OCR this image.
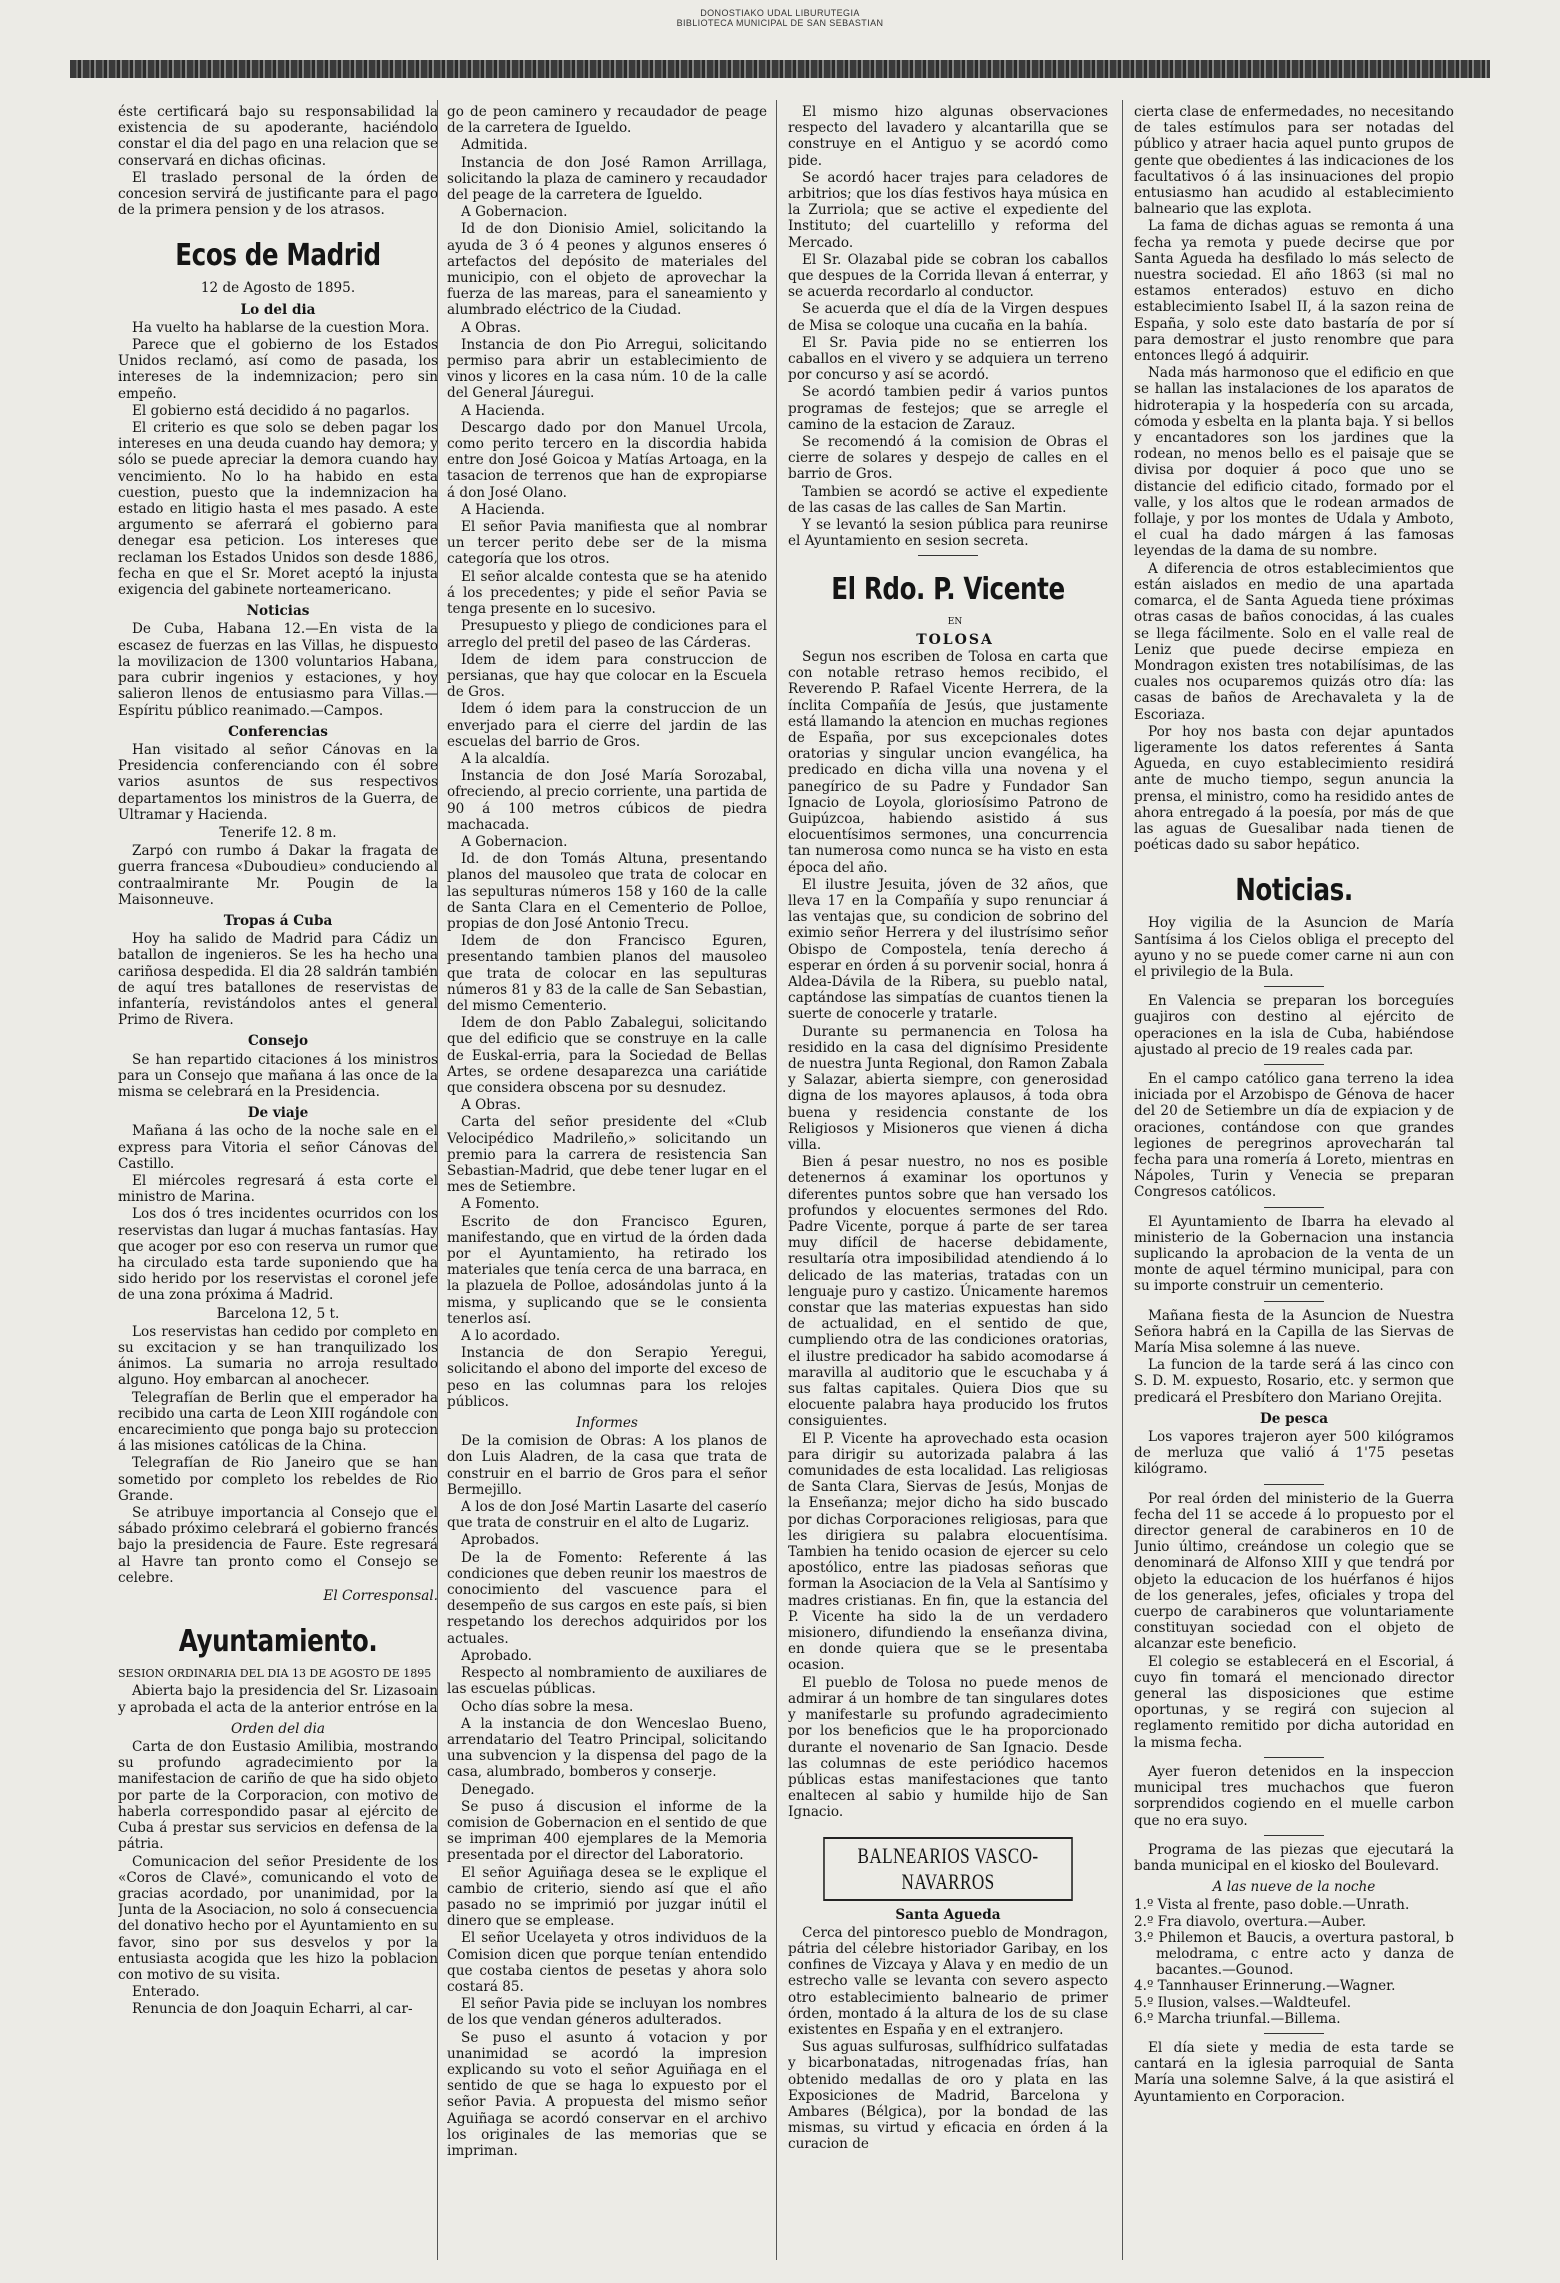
DONOSTIAKO UDAL LIBURUTEGIA
BIBLIOTECA MUNICIPAL DE SAN SEBASTIAN

éste certificará bajo su responsabilidad la existencia de su apoderante, haciéndolo constar el dia del pago en una relacion que se conservará en dichas oficinas.

El traslado personal de la órden de concesion servirá de justificante para el pago de la primera pension y de los atrasos.

Ecos de Madrid
12 de Agosto de 1895.
Lo del dia

Ha vuelto ha hablarse de la cuestion Mora.

Parece que el gobierno de los Estados Unidos reclamó, así como de pasada, los intereses de la indemnizacion; pero sin empeño.

El gobierno está decidido á no pagarlos.

El criterio es que solo se deben pagar los intereses en una deuda cuando hay demora; y sólo se puede apreciar la demora cuando hay vencimiento. No lo ha habido en esta cuestion, puesto que la indemnizacion ha estado en litigio hasta el mes pasado. A este argumento se aferrará el gobierno para denegar esa peticion. Los intereses que reclaman los Estados Unidos son desde 1886, fecha en que el Sr. Moret aceptó la injusta exigencia del gabinete norteamericano.

Noticias

De Cuba, Habana 12.—En vista de la escasez de fuerzas en las Villas, he dispuesto la movilizacion de 1300 voluntarios Habana, para cubrir ingenios y estaciones, y hoy salieron llenos de entusiasmo para Villas.—Espíritu público reanimado.—Campos.

Conferencias

Han visitado al señor Cánovas en la Presidencia conferenciando con él sobre varios asuntos de sus respectivos departamentos los ministros de la Guerra, de Ultramar y Hacienda.

Tenerife 12. 8 m.

Zarpó con rumbo á Dakar la fragata de guerra francesa «Duboudieu» conduciendo al contraalmirante Mr. Pougin de la Maisonneuve.

Tropas á Cuba

Hoy ha salido de Madrid para Cádiz un batallon de ingenieros. Se les ha hecho una cariñosa despedida. El dia 28 saldrán también de aquí tres batallones de reservistas de infantería, revistándolos antes el general Primo de Rivera.

Consejo

Se han repartido citaciones á los ministros para un Consejo que mañana á las once de la misma se celebrará en la Presidencia.

De viaje

Mañana á las ocho de la noche sale en el express para Vitoria el señor Cánovas del Castillo.

El miércoles regresará á esta corte el ministro de Marina.

Los dos ó tres incidentes ocurridos con los reservistas dan lugar á muchas fantasías. Hay que acoger por eso con reserva un rumor que ha circulado esta tarde suponiendo que ha sido herido por los reservistas el coronel jefe de una zona próxima á Madrid.

Barcelona 12, 5 t.

Los reservistas han cedido por completo en su excitacion y se han tranquilizado los ánimos. La sumaria no arroja resultado alguno. Hoy embarcan al anochecer.

Telegrafían de Berlin que el emperador ha recibido una carta de Leon XIII rogándole con encarecimiento que ponga bajo su proteccion á las misiones católicas de la China.

Telegrafían de Rio Janeiro que se han sometido por completo los rebeldes de Rio Grande.

Se atribuye importancia al Consejo que el sábado próximo celebrará el gobierno francés bajo la presidencia de Faure. Este regresará al Havre tan pronto como el Consejo se celebre.

El Corresponsal.
Ayuntamiento.

SESION ORDINARIA DEL DIA 13 DE AGOSTO DE 1895

Abierta bajo la presidencia del Sr. Lizasoain y aprobada el acta de la anterior entróse en la

Orden del dia

Carta de don Eustasio Amilibia, mostrando su profundo agradecimiento por la manifestacion de cariño de que ha sido objeto por parte de la Corporacion, con motivo de haberla correspondido pasar al ejército de Cuba á prestar sus servicios en defensa de la pátria.

Comunicacion del señor Presidente de los «Coros de Clavé», comunicando el voto de gracias acordado, por unanimidad, por la Junta de la Asociacion, no solo á consecuencia del donativo hecho por el Ayuntamiento en su favor, sino por sus desvelos y por la entusiasta acogida que les hizo la poblacion con motivo de su visita.

Enterado.

Renuncia de don Joaquin Echarri, al car-

go de peon caminero y recaudador de peage de la carretera de Igueldo.

Admitida.

Instancia de don José Ramon Arrillaga, solicitando la plaza de caminero y recaudador del peage de la carretera de Igueldo.

A Gobernacion.

Id de don Dionisio Amiel, solicitando la ayuda de 3 ó 4 peones y algunos enseres ó artefactos del depósito de materiales del municipio, con el objeto de aprovechar la fuerza de las mareas, para el saneamiento y alumbrado eléctrico de la Ciudad.

A Obras.

Instancia de don Pio Arregui, solicitando permiso para abrir un establecimiento de vinos y licores en la casa núm. 10 de la calle del General Jáuregui.

A Hacienda.

Descargo dado por don Manuel Urcola, como perito tercero en la discordia habida entre don José Goicoa y Matías Artoaga, en la tasacion de terrenos que han de expropiarse á don José Olano.

A Hacienda.

El señor Pavia manifiesta que al nombrar un tercer perito debe ser de la misma categoría que los otros.

El señor alcalde contesta que se ha atenido á los precedentes; y pide el señor Pavia se tenga presente en lo sucesivo.

Presupuesto y pliego de condiciones para el arreglo del pretil del paseo de las Cárderas.

Idem de idem para construccion de persianas, que hay que colocar en la Escuela de Gros.

Idem ó idem para la construccion de un enverjado para el cierre del jardin de las escuelas del barrio de Gros.

A la alcaldía.

Instancia de don José María Sorozabal, ofreciendo, al precio corriente, una partida de 90 á 100 metros cúbicos de piedra machacada.

A Gobernacion.

Id. de don Tomás Altuna, presentando planos del mausoleo que trata de colocar en las sepulturas números 158 y 160 de la calle de Santa Clara en el Cementerio de Polloe, propias de don José Antonio Trecu.

Idem de don Francisco Eguren, presentando tambien planos del mausoleo que trata de colocar en las sepulturas números 81 y 83 de la calle de San Sebastian, del mismo Cementerio.

Idem de don Pablo Zabalegui, solicitando que del edificio que se construye en la calle de Euskal-erria, para la Sociedad de Bellas Artes, se ordene desaparezca una cariátide que considera obscena por su desnudez.

A Obras.

Carta del señor presidente del «Club Velocipédico Madrileño,» solicitando un premio para la carrera de resistencia San Sebastian-Madrid, que debe tener lugar en el mes de Setiembre.

A Fomento.

Escrito de don Francisco Eguren, manifestando, que en virtud de la órden dada por el Ayuntamiento, ha retirado los materiales que tenía cerca de una barraca, en la plazuela de Polloe, adosándolas junto á la misma, y suplicando que se le consienta tenerlos así.

A lo acordado.

Instancia de don Serapio Yeregui, solicitando el abono del importe del exceso de peso en las columnas para los relojes públicos.

Informes

De la comision de Obras: A los planos de don Luis Aladren, de la casa que trata de construir en el barrio de Gros para el señor Bermejillo.

A los de don José Martin Lasarte del caserío que trata de construir en el alto de Lugariz.

Aprobados.

De la de Fomento: Referente á las condiciones que deben reunir los maestros de conocimiento del vascuence para el desempeño de sus cargos en este país, si bien respetando los derechos adquiridos por los actuales.

Aprobado.

Respecto al nombramiento de auxiliares de las escuelas públicas.

Ocho días sobre la mesa.

A la instancia de don Wenceslao Bueno, arrendatario del Teatro Principal, solicitando una subvencion y la dispensa del pago de la casa, alumbrado, bomberos y conserje.

Denegado.

Se puso á discusion el informe de la comision de Gobernacion en el sentido de que se impriman 400 ejemplares de la Memoria presentada por el director del Laboratorio.

El señor Aguiñaga desea se le explique el cambio de criterio, siendo así que el año pasado no se imprimió por juzgar inútil el dinero que se emplease.

El señor Ucelayeta y otros individuos de la Comision dicen que porque tenían entendido que costaba cientos de pesetas y ahora solo costará 85.

El señor Pavia pide se incluyan los nombres de los que vendan géneros adulterados.

Se puso el asunto á votacion y por unanimidad se acordó la impresion explicando su voto el señor Aguiñaga en el sentido de que se haga lo expuesto por el señor Pavia. A propuesta del mismo señor Aguiñaga se acordó conservar en el archivo los originales de las memorias que se impriman.

El mismo hizo algunas observaciones respecto del lavadero y alcantarilla que se construye en el Antiguo y se acordó como pide.

Se acordó hacer trajes para celadores de arbitrios; que los días festivos haya música en la Zurriola; que se active el expediente del Instituto; del cuartelillo y reforma del Mercado.

El Sr. Olazabal pide se cobran los caballos que despues de la Corrida llevan á enterrar, y se acuerda recordarlo al conductor.

Se acuerda que el día de la Virgen despues de Misa se coloque una cucaña en la bahía.

El Sr. Pavia pide no se entierren los caballos en el vivero y se adquiera un terreno por concurso y así se acordó.

Se acordó tambien pedir á varios puntos programas de festejos; que se arregle el camino de la estacion de Zarauz.

Se recomendó á la comision de Obras el cierre de solares y despejo de calles en el barrio de Gros.

Tambien se acordó se active el expediente de las casas de las calles de San Martin.

Y se levantó la sesion pública para reunirse el Ayuntamiento en sesion secreta.

El Rdo. P. Vicente

EN

TOLOSA

Segun nos escriben de Tolosa en carta que con notable retraso hemos recibido, el Reverendo P. Rafael Vicente Herrera, de la ínclita Compañía de Jesús, que justamente está llamando la atencion en muchas regiones de España, por sus excepcionales dotes oratorias y singular uncion evangélica, ha predicado en dicha villa una novena y el panegírico de su Padre y Fundador San Ignacio de Loyola, gloriosísimo Patrono de Guipúzcoa, habiendo asistido á sus elocuentísimos sermones, una concurrencia tan numerosa como nunca se ha visto en esta época del año.

El ilustre Jesuita, jóven de 32 años, que lleva 17 en la Compañía y supo renunciar á las ventajas que, su condicion de sobrino del eximio señor Herrera y del ilustrísimo señor Obispo de Compostela, tenía derecho á esperar en órden á su porvenir social, honra á Aldea-Dávila de la Ribera, su pueblo natal, captándose las simpatías de cuantos tienen la suerte de conocerle y tratarle.

Durante su permanencia en Tolosa ha residido en la casa del dignísimo Presidente de nuestra Junta Regional, don Ramon Zabala y Salazar, abierta siempre, con generosidad digna de los mayores aplausos, á toda obra buena y residencia constante de los Religiosos y Misioneros que vienen á dicha villa.

Bien á pesar nuestro, no nos es posible detenernos á examinar los oportunos y diferentes puntos sobre que han versado los profundos y elocuentes sermones del Rdo. Padre Vicente, porque á parte de ser tarea muy difícil de hacerse debidamente, resultaría otra imposibilidad atendiendo á lo delicado de las materias, tratadas con un lenguaje puro y castizo. Únicamente haremos constar que las materias expuestas han sido de actualidad, en el sentido de que, cumpliendo otra de las condiciones oratorias, el ilustre predicador ha sabido acomodarse á maravilla al auditorio que le escuchaba y á sus faltas capitales. Quiera Dios que su elocuente palabra haya producido los frutos consiguientes.

El P. Vicente ha aprovechado esta ocasion para dirigir su autorizada palabra á las comunidades de esta localidad. Las religiosas de Santa Clara, Siervas de Jesús, Monjas de la Enseñanza; mejor dicho ha sido buscado por dichas Corporaciones religiosas, para que les dirigiera su palabra elocuentísima. Tambien ha tenido ocasion de ejercer su celo apostólico, entre las piadosas señoras que forman la Asociacion de la Vela al Santísimo y madres cristianas. En fin, que la estancia del P. Vicente ha sido la de un verdadero misionero, difundiendo la enseñanza divina, en donde quiera que se le presentaba ocasion.

El pueblo de Tolosa no puede menos de admirar á un hombre de tan singulares dotes y manifestarle su profundo agradecimiento por los beneficios que le ha proporcionado durante el novenario de San Ignacio. Desde las columnas de este periódico hacemos públicas estas manifestaciones que tanto enaltecen al sabio y humilde hijo de San Ignacio.

BALNEARIOS VASCO-NAVARROS
Santa Agueda

Cerca del pintoresco pueblo de Mondragon, pátria del célebre historiador Garibay, en los confines de Vizcaya y Alava y en medio de un estrecho valle se levanta con severo aspecto otro establecimiento balneario de primer órden, montado á la altura de los de su clase existentes en España y en el extranjero.

Sus aguas sulfurosas, sulfhídrico sulfatadas y bicarbonatadas, nitrogenadas frías, han obtenido medallas de oro y plata en las Exposiciones de Madrid, Barcelona y Ambares (Bélgica), por la bondad de las mismas, su virtud y eficacia en órden á la curacion de

cierta clase de enfermedades, no necesitando de tales estímulos para ser notadas del público y atraer hacia aquel punto grupos de gente que obedientes á las indicaciones de los facultativos ó á las insinuaciones del propio entusiasmo han acudido al establecimiento balneario que las explota.

La fama de dichas aguas se remonta á una fecha ya remota y puede decirse que por Santa Agueda ha desfilado lo más selecto de nuestra sociedad. El año 1863 (si mal no estamos enterados) estuvo en dicho establecimiento Isabel II, á la sazon reina de España, y solo este dato bastaría de por sí para demostrar el justo renombre que para entonces llegó á adquirir.

Nada más harmonoso que el edificio en que se hallan las instalaciones de los aparatos de hidroterapia y la hospedería con su arcada, cómoda y esbelta en la planta baja. Y si bellos y encantadores son los jardines que la rodean, no menos bello es el paisaje que se divisa por doquier á poco que uno se distancie del edificio citado, formado por el valle, y los altos que le rodean armados de follaje, y por los montes de Udala y Amboto, el cual ha dado márgen á las famosas leyendas de la dama de su nombre.

A diferencia de otros establecimientos que están aislados en medio de una apartada comarca, el de Santa Agueda tiene próximas otras casas de baños conocidas, á las cuales se llega fácilmente. Solo en el valle real de Leniz que puede decirse empieza en Mondragon existen tres notabilísimas, de las cuales nos ocuparemos quizás otro día: las casas de baños de Arechavaleta y la de Escoriaza.

Por hoy nos basta con dejar apuntados ligeramente los datos referentes á Santa Agueda, en cuyo establecimiento residirá ante de mucho tiempo, segun anuncia la prensa, el ministro, como ha residido antes de ahora entregado á la poesía, por más de que las aguas de Guesalibar nada tienen de poéticas dado su sabor hepático.

Noticias.

Hoy vigilia de la Asuncion de María Santísima á los Cielos obliga el precepto del ayuno y no se puede comer carne ni aun con el privilegio de la Bula.

En Valencia se preparan los borceguíes guajiros con destino al ejército de operaciones en la isla de Cuba, habiéndose ajustado al precio de 19 reales cada par.

En el campo católico gana terreno la idea iniciada por el Arzobispo de Génova de hacer del 20 de Setiembre un día de expiacion y de oraciones, contándose con que grandes legiones de peregrinos aprovecharán tal fecha para una romería á Loreto, mientras en Nápoles, Turin y Venecia se preparan Congresos católicos.

El Ayuntamiento de Ibarra ha elevado al ministerio de la Gobernacion una instancia suplicando la aprobacion de la venta de un monte de aquel término municipal, para con su importe construir un cementerio.

Mañana fiesta de la Asuncion de Nuestra Señora habrá en la Capilla de las Siervas de María Misa solemne á las nueve.

La funcion de la tarde será á las cinco con S. D. M. expuesto, Rosario, etc. y sermon que predicará el Presbítero don Mariano Orejita.

De pesca

Los vapores trajeron ayer 500 kilógramos de merluza que valió á 1'75 pesetas kilógramo.

Por real órden del ministerio de la Guerra fecha del 11 se accede á lo propuesto por el director general de carabineros en 10 de Junio último, creándose un colegio que se denominará de Alfonso XIII y que tendrá por objeto la educacion de los huérfanos é hijos de los generales, jefes, oficiales y tropa del cuerpo de carabineros que voluntariamente constituyan sociedad con el objeto de alcanzar este beneficio.

El colegio se establecerá en el Escorial, á cuyo fin tomará el mencionado director general las disposiciones que estime oportunas, y se regirá con sujecion al reglamento remitido por dicha autoridad en la misma fecha.

Ayer fueron detenidos en la inspeccion municipal tres muchachos que fueron sorprendidos cogiendo en el muelle carbon que no era suyo.

Programa de las piezas que ejecutará la banda municipal en el kiosko del Boulevard.

A las nueve de la noche
1.º Vista al frente, paso doble.—Unrath.
2.º Fra diavolo, overtura.—Auber.
3.º Philemon et Baucis, a overtura pastoral, b melodrama, c entre acto y danza de bacantes.—Gounod.
4.º Tannhauser Erinnerung.—Wagner.
5.º Ilusion, valses.—Waldteufel.
6.º Marcha triunfal.—Billema.

El día siete y media de esta tarde se cantará en la iglesia parroquial de Santa María una solemne Salve, á la que asistirá el Ayuntamiento en Corporacion.
